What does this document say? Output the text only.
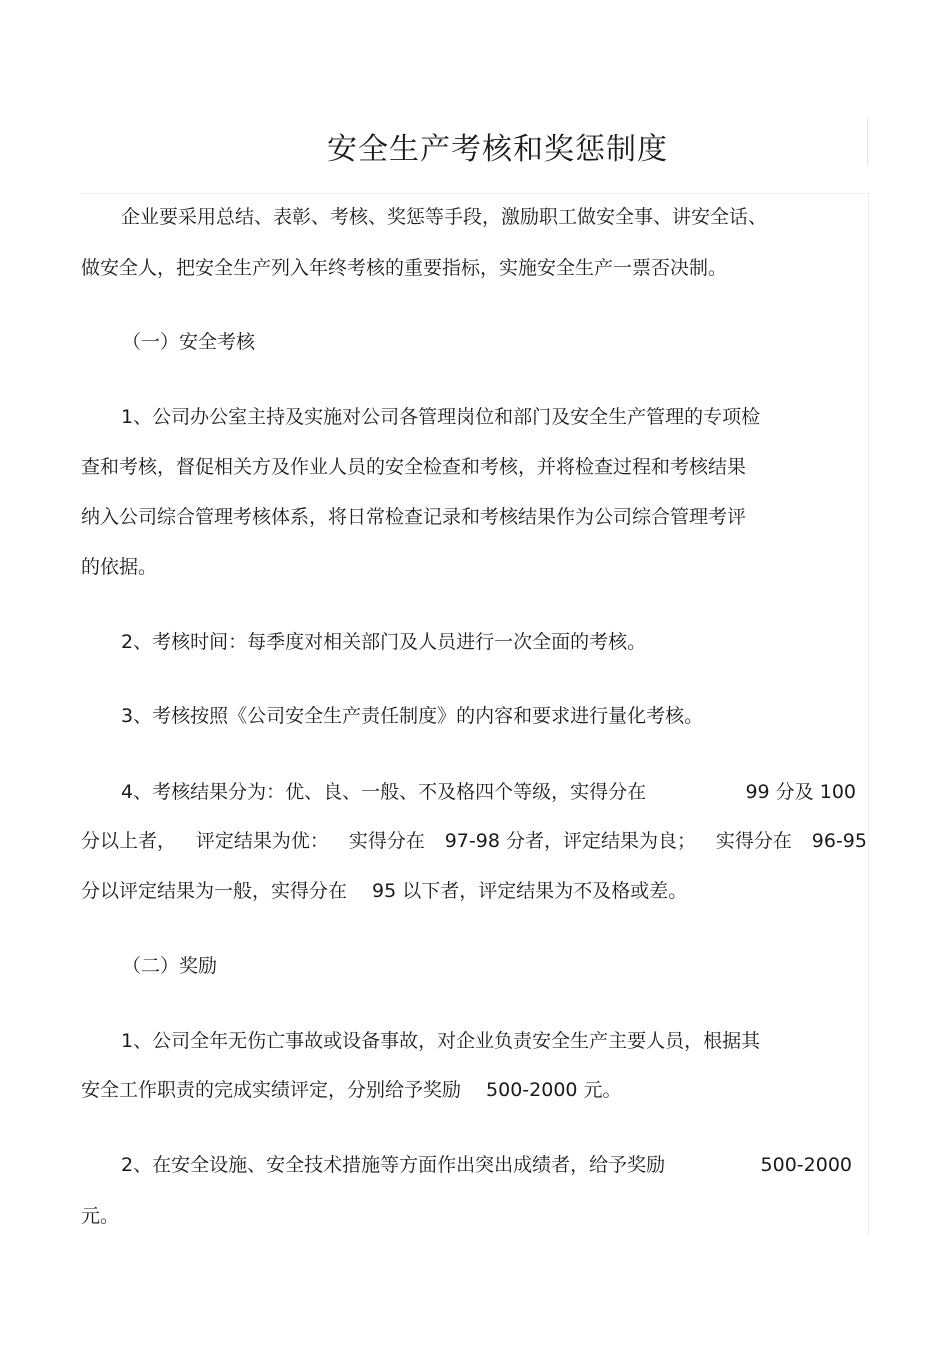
安全生产考核和奖惩制度

企业要采用总结、表彰、考核、奖惩等手段，激励职工做安全事、讲安全话、

做安全人，把安全生产列入年终考核的重要指标，实施安全生产一票否决制。

（一）安全考核

1、公司办公室主持及实施对公司各管理岗位和部门及安全生产管理的专项检

查和考核，督促相关方及作业人员的安全检查和考核，并将检查过程和考核结果

纳入公司综合管理考核体系，将日常检查记录和考核结果作为公司综合管理考评

的依据。

2、考核时间：每季度对相关部门及人员进行一次全面的考核。

3、考核按照《公司安全生产责任制度》的内容和要求进行量化考核。

4、考核结果分为：优、良、一般、不及格四个等级，实得分在	99 分及 100
分以上者， 评定结果为优： 实得分在 97-98 分者，评定结果为良； 实得分在 96-95

分以评定结果为一般，实得分在　 95 以下者，评定结果为不及格或差。

（二）奖励

1、公司全年无伤亡事故或设备事故，对企业负责安全生产主要人员，根据其

安全工作职责的完成实绩评定，分别给予奖励　 500-2000 元。

2、在安全设施、安全技术措施等方面作出突出成绩者，给予奖励	500-2000

元。
